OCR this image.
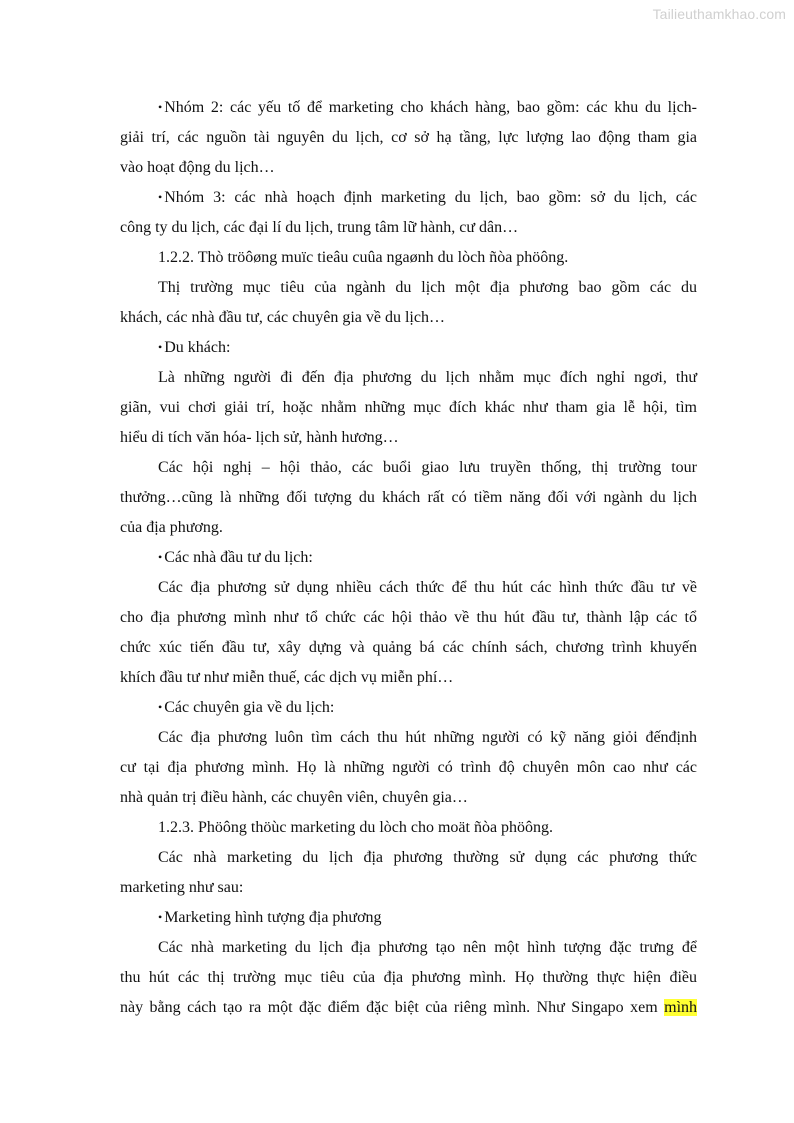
Tailieuthamkhao.com
• Nhóm 2: các yếu tố để marketing cho khách hàng, bao gồm: các khu du lịch-
giải trí, các nguồn tài nguyên du lịch, cơ sở hạ tầng, lực lượng lao động tham gia
vào hoạt động du lịch…
• Nhóm 3: các nhà hoạch định marketing du lịch, bao gồm: sở du lịch, các
công ty du lịch, các đại lí du lịch, trung tâm lữ hành, cư dân…
1.2.2. Thò tröôøng muïc tieâu cuûa ngaønh du lòch ñòa phöông.
Thị trường mục tiêu của ngành du lịch một địa phương bao gồm các du
khách, các nhà đầu tư, các chuyên gia về du lịch…
• Du khách:
Là những người đi đến địa phương du lịch nhằm mục đích nghỉ ngơi, thư
giãn, vui chơi giải trí, hoặc nhằm những mục đích khác như tham gia lễ hội, tìm
hiểu di tích văn hóa- lịch sử, hành hương…
Các hội nghị – hội thảo, các buổi giao lưu truyền thống, thị trường tour
thưởng…cũng là những đối tượng du khách rất có tiềm năng đối với ngành du lịch
của địa phương.
• Các nhà đầu tư du lịch:
Các địa phương sử dụng nhiều cách thức để thu hút các hình thức đầu tư về
cho địa phương mình như tổ chức các hội thảo về thu hút đầu tư, thành lập các tổ
chức xúc tiến đầu tư, xây dựng và quảng bá các chính sách, chương trình khuyến
khích đầu tư như miễn thuế, các dịch vụ miễn phí…
• Các chuyên gia về du lịch:
Các địa phương luôn tìm cách thu hút những người có kỹ năng giỏi đếnđịnh
cư tại địa phương mình. Họ là những người có trình độ chuyên môn cao như các
nhà quản trị điều hành, các chuyên viên, chuyên gia…
1.2.3. Phöông thöùc marketing du lòch cho moät ñòa phöông.
Các nhà marketing du lịch địa phương thường sử dụng các phương thức
marketing như sau:
• Marketing hình tượng địa phương
Các nhà marketing du lịch địa phương tạo nên một hình tượng đặc trưng để
thu hút các thị trường mục tiêu của địa phương mình. Họ thường thực hiện điều
này bằng cách tạo ra một đặc điểm đặc biệt của riêng mình. Như Singapo xem mình
